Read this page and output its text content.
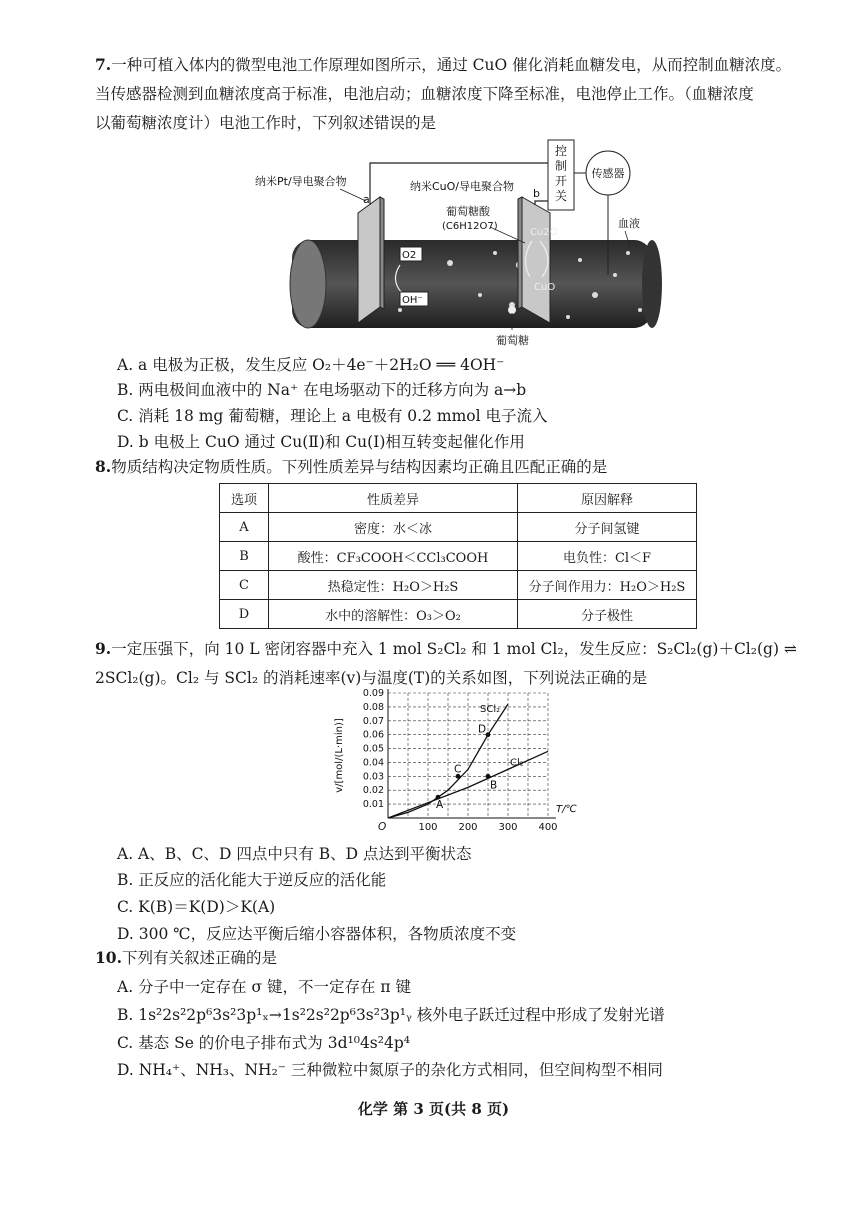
7.一种可植入体内的微型电池工作原理如图所示，通过 CuO 催化消耗血糖发电，从而控制血糖浓度。
当传感器检测到血糖浓度高于标准，电池启动；血糖浓度下降至标准，电池停止工作。（血糖浓度
以葡萄糖浓度计）电池工作时，下列叙述错误的是
控制开关
传感器
纳米Pt/导电聚合物
a
纳米CuO/导电聚合物
b
葡萄糖酸
(C6H12O7)	血液
O2
OH⁻
Cu2O
CuO
葡萄糖
A. a 电极为正极，发生反应 O₂＋4e⁻＋2H₂O ══ 4OH⁻
B. 两电极间血液中的 Na⁺ 在电场驱动下的迁移方向为 a→b
C. 消耗 18 mg 葡萄糖，理论上 a 电极有 0.2 mmol 电子流入
D. b 电极上 CuO 通过 Cu(Ⅱ)和 Cu(Ⅰ)相互转变起催化作用
8.物质结构决定物质性质。下列性质差异与结构因素均正确且匹配正确的是
选项	性质差异	原因解释
A	密度：水＜冰	分子间氢键
B	酸性：CF₃COOH＜CCl₃COOH	电负性：Cl＜F
C	热稳定性：H₂O＞H₂S	分子间作用力：H₂O＞H₂S
D	水中的溶解性：O₃＞O₂	分子极性
9.一定压强下，向 10 L 密闭容器中充入 1 mol S₂Cl₂ 和 1 mol Cl₂，发生反应：S₂Cl₂(g)＋Cl₂(g) ⇌
2SCl₂(g)。Cl₂ 与 SCl₂ 的消耗速率(v)与温度(T)的关系如图，下列说法正确的是
0.01
0.02
0.03
0.04
0.05
0.06
0.07
0.08
0.09
100 200 300 400
O
T/℃
v/[mol/(L·min)]
SCl₂
Cl₂
A
B
C
D
A. A、B、C、D 四点中只有 B、D 点达到平衡状态
B. 正反应的活化能大于逆反应的活化能
C. K(B)＝K(D)＞K(A)
D. 300 ℃，反应达平衡后缩小容器体积，各物质浓度不变
10.下列有关叙述正确的是
A. 分子中一定存在 σ 键，不一定存在 π 键
B. 1s²2s²2p⁶3s²3p¹ₓ→1s²2s²2p⁶3s²3p¹ᵧ 核外电子跃迁过程中形成了发射光谱
C. 基态 Se 的价电子排布式为 3d¹⁰4s²4p⁴
D. NH₄⁺、NH₃、NH₂⁻ 三种微粒中氮原子的杂化方式相同，但空间构型不相同
化学 第 3 页(共 8 页)
